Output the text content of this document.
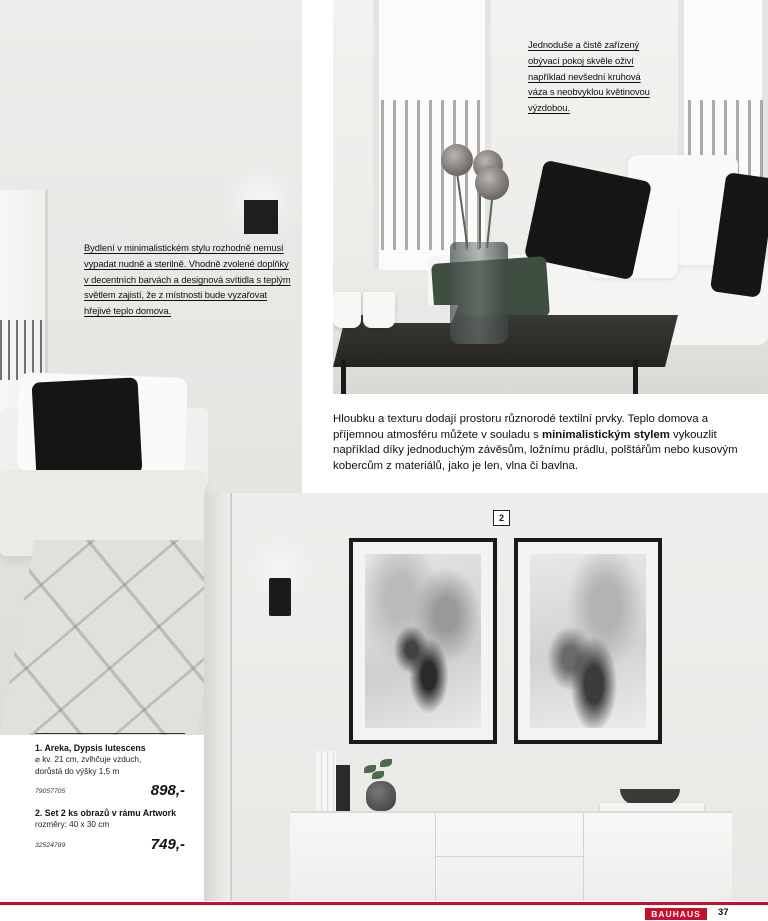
Jednoduše a čistě zařízený
obývací pokoj skvěle oživí
například nevšední kruhová
váza s neobvyklou květinovou
výzdobou.
Bydlení v minimalistickém stylu rozhodně nemusí
vypadat nudně a sterilně. Vhodně zvolené doplňky
v decentních barvách a designová svítidla s teplým
světlem zajistí, že z místnosti bude vyzařovat
hřejivé teplo domova.

Hloubku a texturu dodají prostoru různorodé textilní prvky. Teplo domova a příjemnou atmosféru můžete v souladu s minimalistickým stylem vykouzlit například díky jednoduchým závěsům, ložnímu prádlu, polštářům nebo kusovým kobercům z materiálů, jako je len, vlna či bavlna.

2
1. Areka, Dypsis lutescens
⌀ kv. 21 cm, zvlhčuje vzduch,
dorůstá do výšky 1,5 m
79057705	898,-
2. Set 2 ks obrazů v rámu Artwork
rozměry: 40 x 30 cm
32524789	749,-
BAUHAUS	37
